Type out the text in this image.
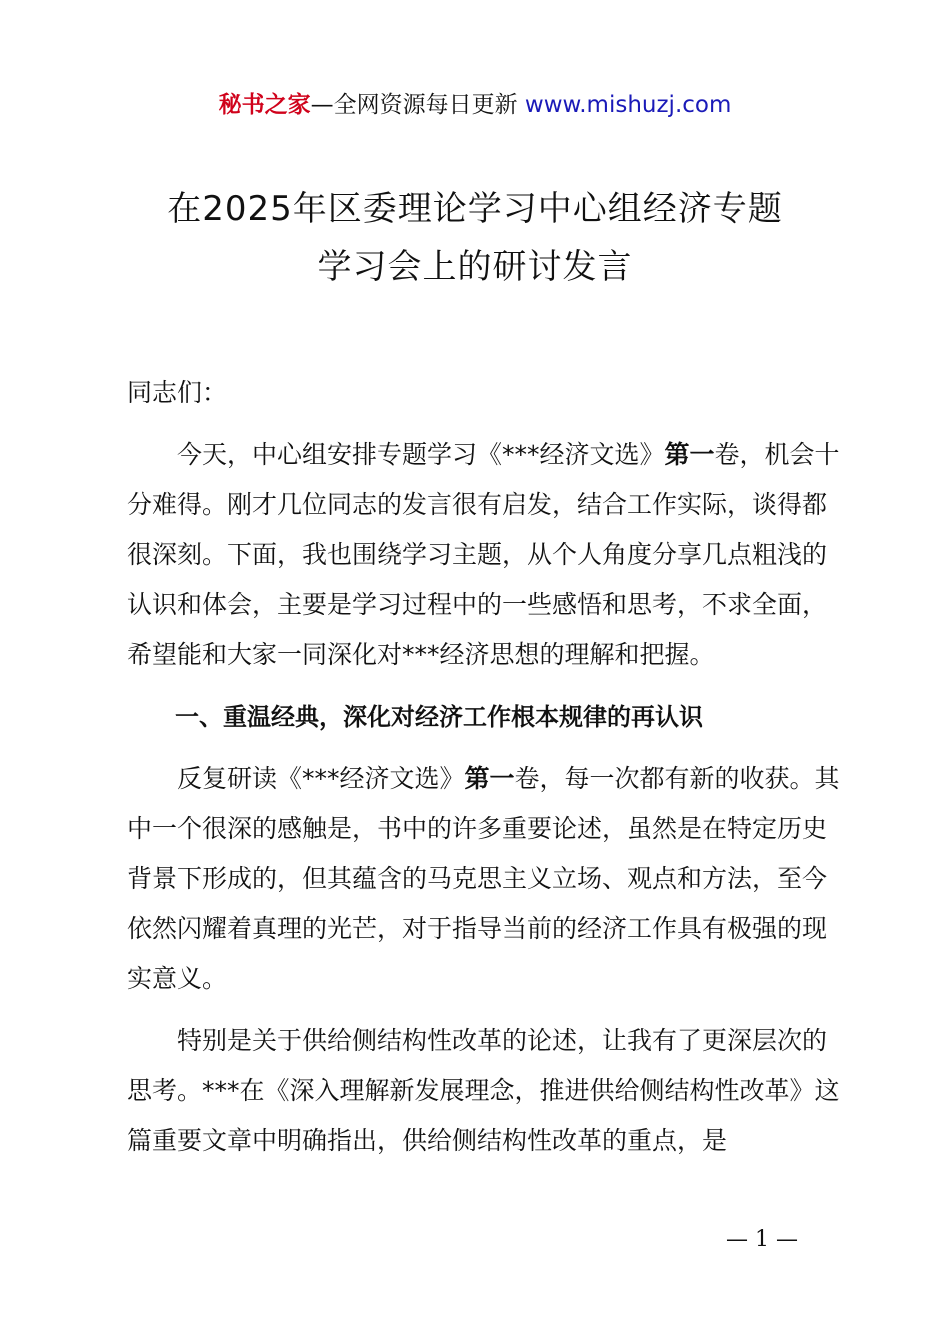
秘书之家—全网资源每日更新 www.mishuzj.com
在2025年区委理论学习中心组经济专题
学习会上的研讨发言

同志们：

今天，中心组安排专题学习《***经济文选》第一卷，机会十分难得。刚才几位同志的发言很有启发，结合工作实际，谈得都很深刻。下面，我也围绕学习主题，从个人角度分享几点粗浅的认识和体会，主要是学习过程中的一些感悟和思考，不求全面，希望能和大家一同深化对***经济思想的理解和把握。

一、重温经典，深化对经济工作根本规律的再认识

反复研读《***经济文选》第一卷，每一次都有新的收获。其中一个很深的感触是，书中的许多重要论述，虽然是在特定历史背景下形成的，但其蕴含的马克思主义立场、观点和方法，至今依然闪耀着真理的光芒，对于指导当前的经济工作具有极强的现实意义。

特别是关于供给侧结构性改革的论述，让我有了更深层次的思考。***在《深入理解新发展理念，推进供给侧结构性改革》这篇重要文章中明确指出，供给侧结构性改革的重点，是

— 1 —
